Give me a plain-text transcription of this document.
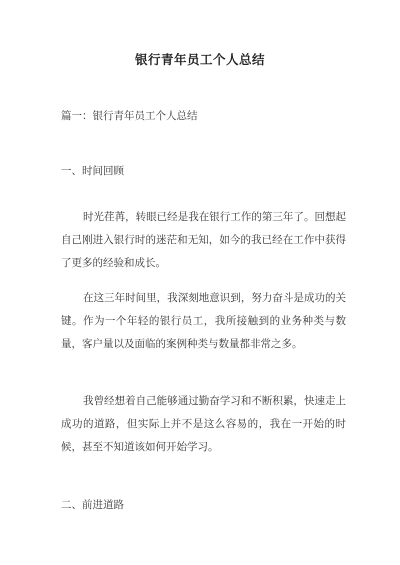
银行青年员工个人总结

篇一：银行青年员工个人总结

一、时间回顾

时光荏苒，转眼已经是我在银行工作的第三年了。回想起自己刚进入银行时的迷茫和无知，如今的我已经在工作中获得了更多的经验和成长。

在这三年时间里，我深刻地意识到，努力奋斗是成功的关键。作为一个年轻的银行员工，我所接触到的业务种类与数量，客户量以及面临的案例种类与数量都非常之多。

我曾经想着自己能够通过勤奋学习和不断积累，快速走上成功的道路，但实际上并不是这么容易的，我在一开始的时候，甚至不知道该如何开始学习。

二、前进道路
